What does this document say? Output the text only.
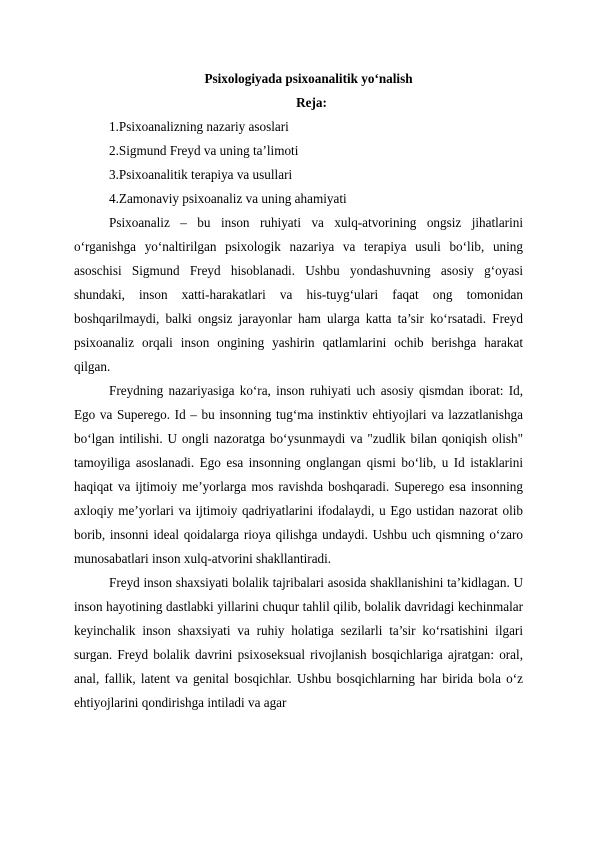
Psixologiyada psixoanalitik yo‘nalish

Reja:

1.Psixoanalizning nazariy asoslari
2.Sigmund Freyd va uning ta’limoti
3.Psixoanalitik terapiya va usullari
4.Zamonaviy psixoanaliz va uning ahamiyati

Psixoanaliz – bu inson ruhiyati va xulq-atvorining ongsiz jihatlarini o‘rganishga yo‘naltirilgan psixologik nazariya va terapiya usuli bo‘lib, uning asoschisi Sigmund Freyd hisoblanadi. Ushbu yondashuvning asosiy g‘oyasi shundaki, inson xatti-harakatlari va his-tuyg‘ulari faqat ong tomonidan boshqarilmaydi, balki ongsiz jarayonlar ham ularga katta ta’sir ko‘rsatadi. Freyd psixoanaliz orqali inson ongining yashirin qatlamlarini ochib berishga harakat qilgan.

Freydning nazariyasiga ko‘ra, inson ruhiyati uch asosiy qismdan iborat: Id, Ego va Superego. Id – bu insonning tug‘ma instinktiv ehtiyojlari va lazzatlanishga bo‘lgan intilishi. U ongli nazoratga bo‘ysunmaydi va "zudlik bilan qoniqish olish" tamoyiliga asoslanadi. Ego esa insonning onglangan qismi bo‘lib, u Id istaklarini haqiqat va ijtimoiy me’yorlarga mos ravishda boshqaradi. Superego esa insonning axloqiy me’yorlari va ijtimoiy qadriyatlarini ifodalaydi, u Ego ustidan nazorat olib borib, insonni ideal qoidalarga rioya qilishga undaydi. Ushbu uch qismning o‘zaro munosabatlari inson xulq-atvorini shakllantiradi.

Freyd inson shaxsiyati bolalik tajribalari asosida shakllanishini ta’kidlagan. U inson hayotining dastlabki yillarini chuqur tahlil qilib, bolalik davridagi kechinmalar keyinchalik inson shaxsiyati va ruhiy holatiga sezilarli ta’sir ko‘rsatishini ilgari surgan. Freyd bolalik davrini psixoseksual rivojlanish bosqichlariga ajratgan: oral, anal, fallik, latent va genital bosqichlar. Ushbu bosqichlarning har birida bola o‘z ehtiyojlarini qondirishga intiladi va agar
